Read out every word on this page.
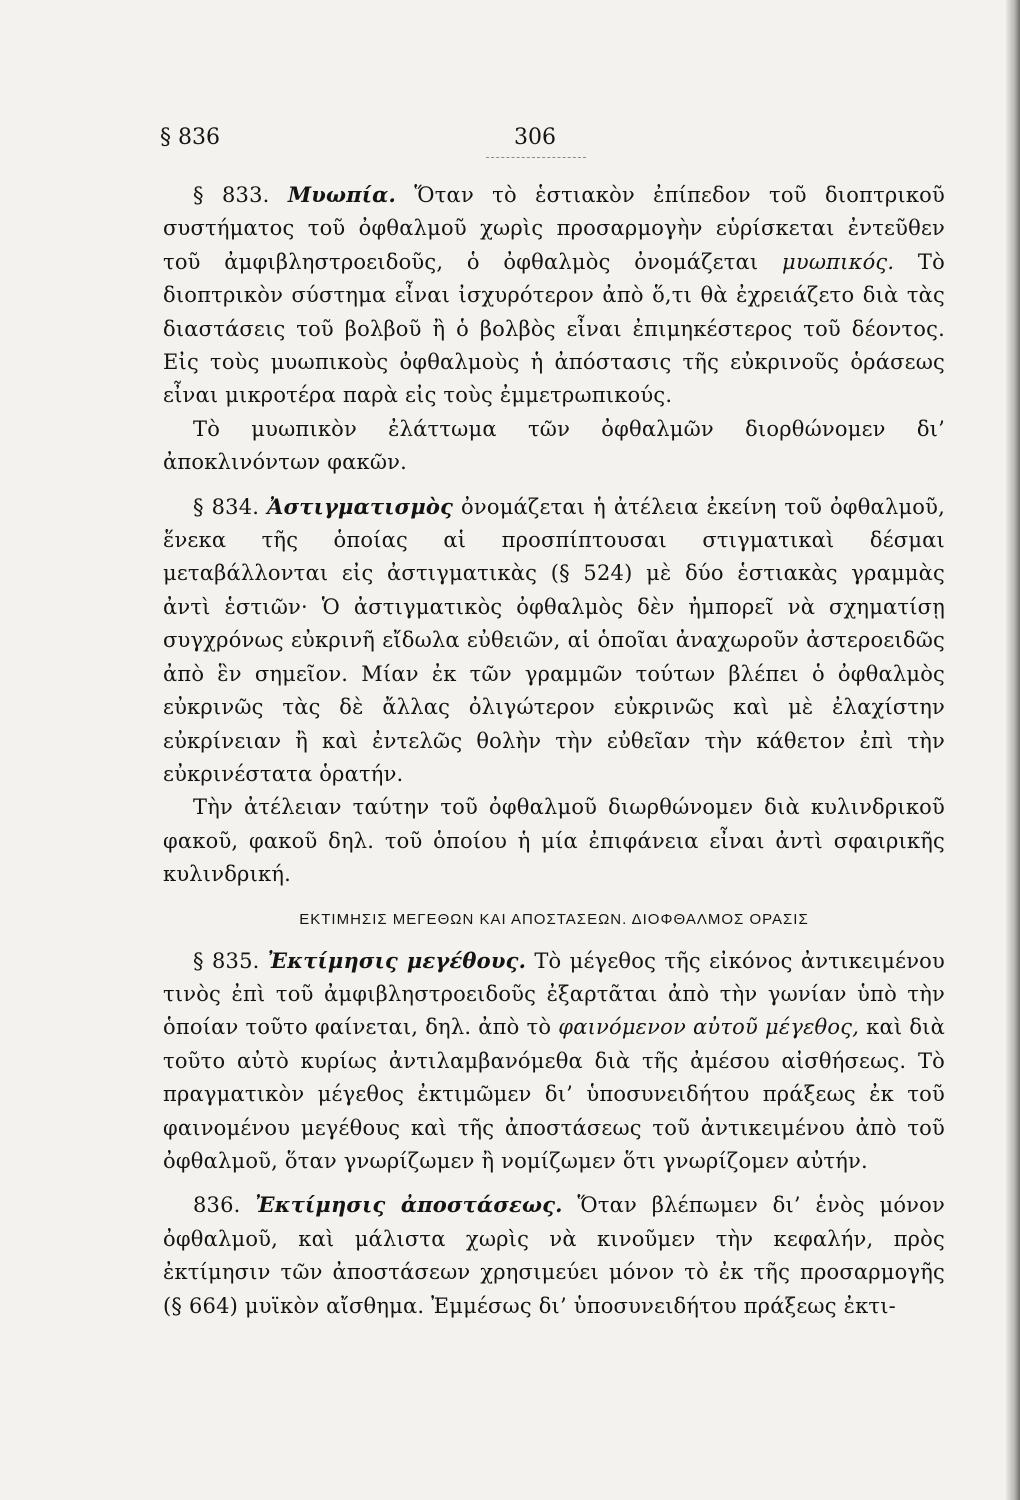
§ 836	306

§ 833. Μυωπία. Ὅταν τὸ ἑστιακὸν ἐπίπεδον τοῦ διοπτρικοῦ συστήματος τοῦ ὀφθαλμοῦ χωρὶς προσαρμογὴν εὑρίσκεται ἐντεῦθεν τοῦ ἀμφιβληστροειδοῦς, ὁ ὀφθαλμὸς ὀνομάζεται μυωπικός. Τὸ διοπτρικὸν σύστημα εἶναι ἰσχυρότερον ἀπὸ ὅ,τι θὰ ἐχρειάζετο διὰ τὰς διαστάσεις τοῦ βολβοῦ ἢ ὁ βολβὸς εἶναι ἐπιμηκέστερος τοῦ δέοντος. Εἰς τοὺς μυωπικοὺς ὀφθαλμοὺς ἡ ἀπόστασις τῆς εὐκρινοῦς ὁράσεως εἶναι μικροτέρα παρὰ εἰς τοὺς ἐμμετρωπικούς.

Τὸ μυωπικὸν ἐλάττωμα τῶν ὀφθαλμῶν διορθώνομεν δι’ ἀποκλινόντων φακῶν.

§ 834. Ἀστιγματισμὸς ὀνομάζεται ἡ ἀτέλεια ἐκείνη τοῦ ὀφθαλμοῦ, ἕνεκα τῆς ὁποίας αἱ προσπίπτουσαι στιγματικαὶ δέσμαι μεταβάλλονται εἰς ἀστιγματικὰς (§ 524) μὲ δύο ἑστιακὰς γραμμὰς ἀντὶ ἑστιῶν· Ὁ ἀστιγματικὸς ὀφθαλμὸς δὲν ἠμπορεῖ νὰ σχηματίσῃ συγχρόνως εὐκρινῆ εἴδωλα εὐθειῶν, αἱ ὁποῖαι ἀναχωροῦν ἀστεροειδῶς ἀπὸ ἓν σημεῖον. Μίαν ἐκ τῶν γραμμῶν τούτων βλέπει ὁ ὀφθαλμὸς εὐκρινῶς τὰς δὲ ἄλλας ὀλιγώτερον εὐκρινῶς καὶ μὲ ἐλαχίστην εὐκρίνειαν ἢ καὶ ἐντελῶς θολὴν τὴν εὐθεῖαν τὴν κάθετον ἐπὶ τὴν εὐκρινέστατα ὁρατήν.

Τὴν ἀτέλειαν ταύτην τοῦ ὀφθαλμοῦ διωρθώνομεν διὰ κυλινδρικοῦ φακοῦ, φακοῦ δηλ. τοῦ ὁποίου ἡ μία ἐπιφάνεια εἶναι ἀντὶ σφαιρικῆς κυλινδρική.

ΕΚΤΙΜΗΣΙΣ ΜΕΓΕΘΩΝ ΚΑΙ ΑΠΟΣΤΑΣΕΩΝ. ΔΙΟΦΘΑΛΜΟΣ ΟΡΑΣΙΣ

§ 835. Ἐκτίμησις μεγέθους. Τὸ μέγεθος τῆς εἰκόνος ἀντικειμένου τινὸς ἐπὶ τοῦ ἀμφιβληστροειδοῦς ἐξαρτᾶται ἀπὸ τὴν γωνίαν ὑπὸ τὴν ὁποίαν τοῦτο φαίνεται, δηλ. ἀπὸ τὸ φαινόμενον αὐτοῦ μέγεθος, καὶ διὰ τοῦτο αὐτὸ κυρίως ἀντιλαμβανόμεθα διὰ τῆς ἀμέσου αἰσθήσεως. Τὸ πραγματικὸν μέγεθος ἐκτιμῶμεν δι’ ὑποσυνειδήτου πράξεως ἐκ τοῦ φαινομένου μεγέθους καὶ τῆς ἀποστάσεως τοῦ ἀντικειμένου ἀπὸ τοῦ ὀφθαλμοῦ, ὅταν γνωρίζωμεν ἢ νομίζωμεν ὅτι γνωρίζομεν αὐτήν.

836. Ἐκτίμησις ἀποστάσεως. Ὅταν βλέπωμεν δι’ ἑνὸς μόνον ὀφθαλμοῦ, καὶ μάλιστα χωρὶς νὰ κινοῦμεν τὴν κεφαλήν, πρὸς ἐκτίμησιν τῶν ἀποστάσεων χρησιμεύει μόνον τὸ ἐκ τῆς προσαρμογῆς (§ 664) μυϊκὸν αἴσθημα. Ἐμμέσως δι’ ὑποσυνειδήτου πράξεως ἐκτι-
